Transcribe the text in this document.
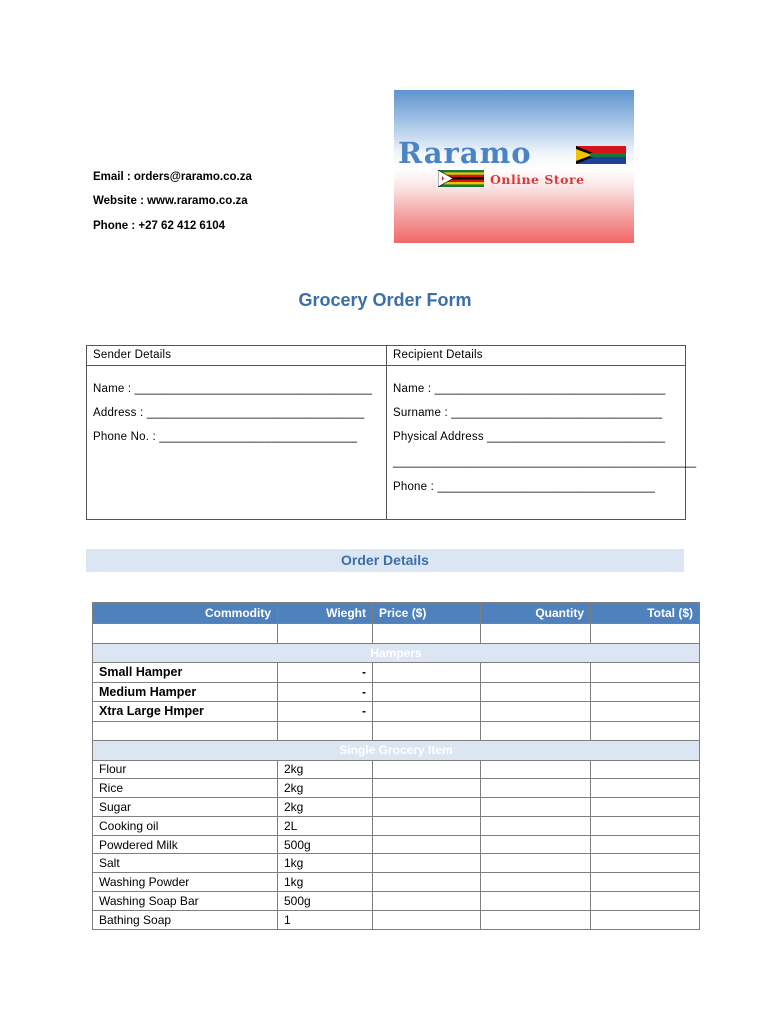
Email : orders@raramo.co.za
Website : www.raramo.co.za
Phone : +27 62 412 6104
Raramo
Online Store
Grocery Order Form
Sender Details	Recipient Details
Name : ____________________________________
Address : _________________________________
Phone No. : ______________________________
Name : ___________________________________
Surname : ________________________________
Physical Address ___________________________
______________________________________________
Phone : _________________________________
Order Details
Commodity	Wieght	Price ($)	Quantity	Total ($)

Hampers				
Small Hamper	-			
Medium Hamper	-			
Xtra Large Hmper	-			

Single Grocery Item				
Flour	2kg			
Rice	2kg			
Sugar	2kg			
Cooking oil	2L			
Powdered Milk	500g			
Salt	1kg			
Washing Powder	1kg			
Washing Soap Bar	500g			
Bathing Soap	1			
